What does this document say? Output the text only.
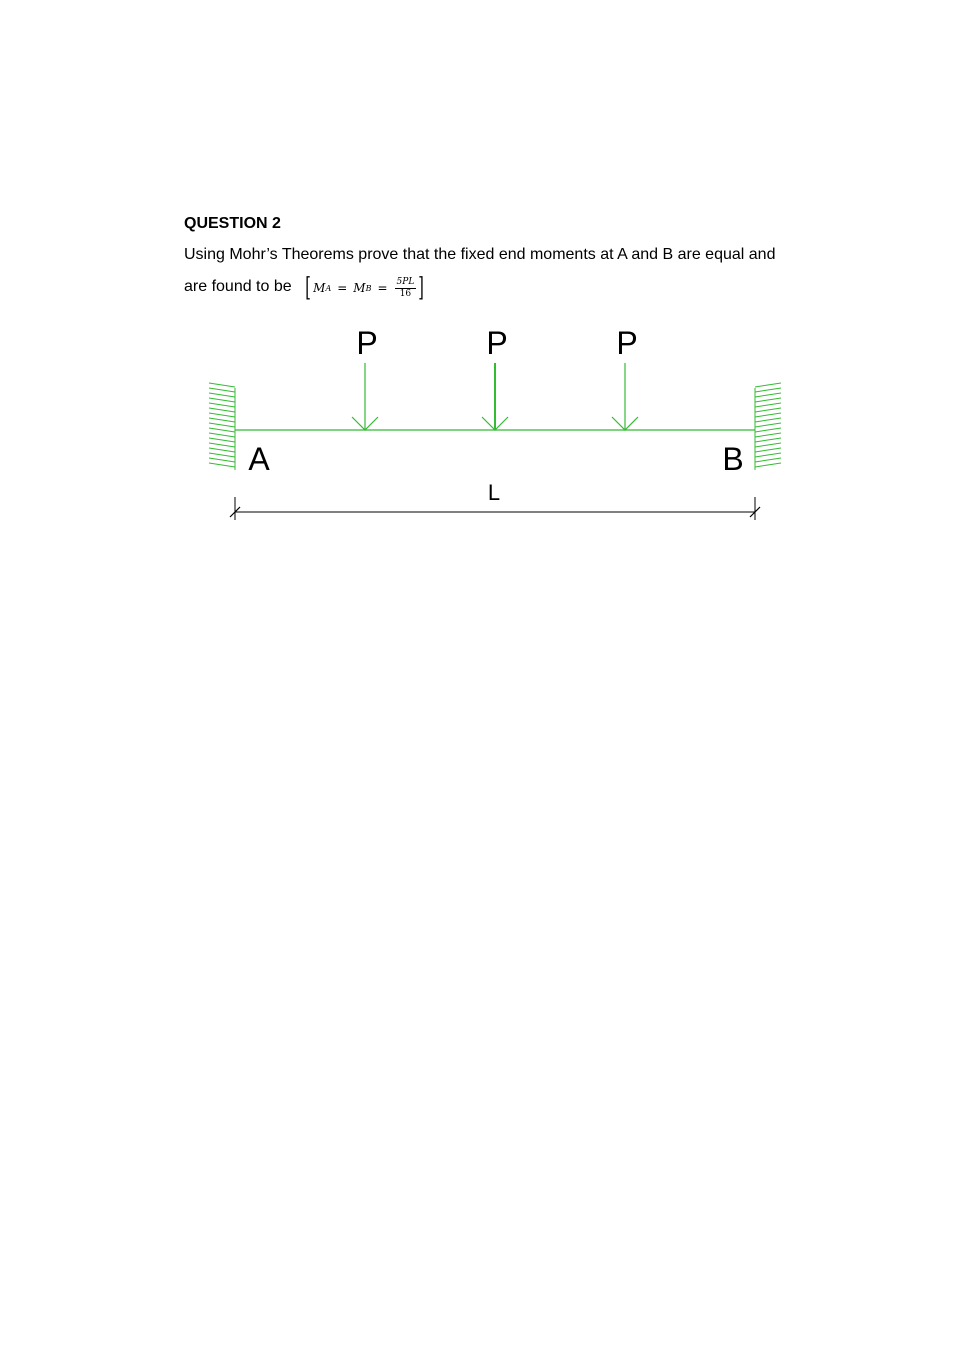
QUESTION 2

Using Mohr’s Theorems prove that the fixed end moments at A and B are equal and

are found to be [ M A = M $B = \frac{5PL}{16}$ ]
P	P	P
A	B
L
